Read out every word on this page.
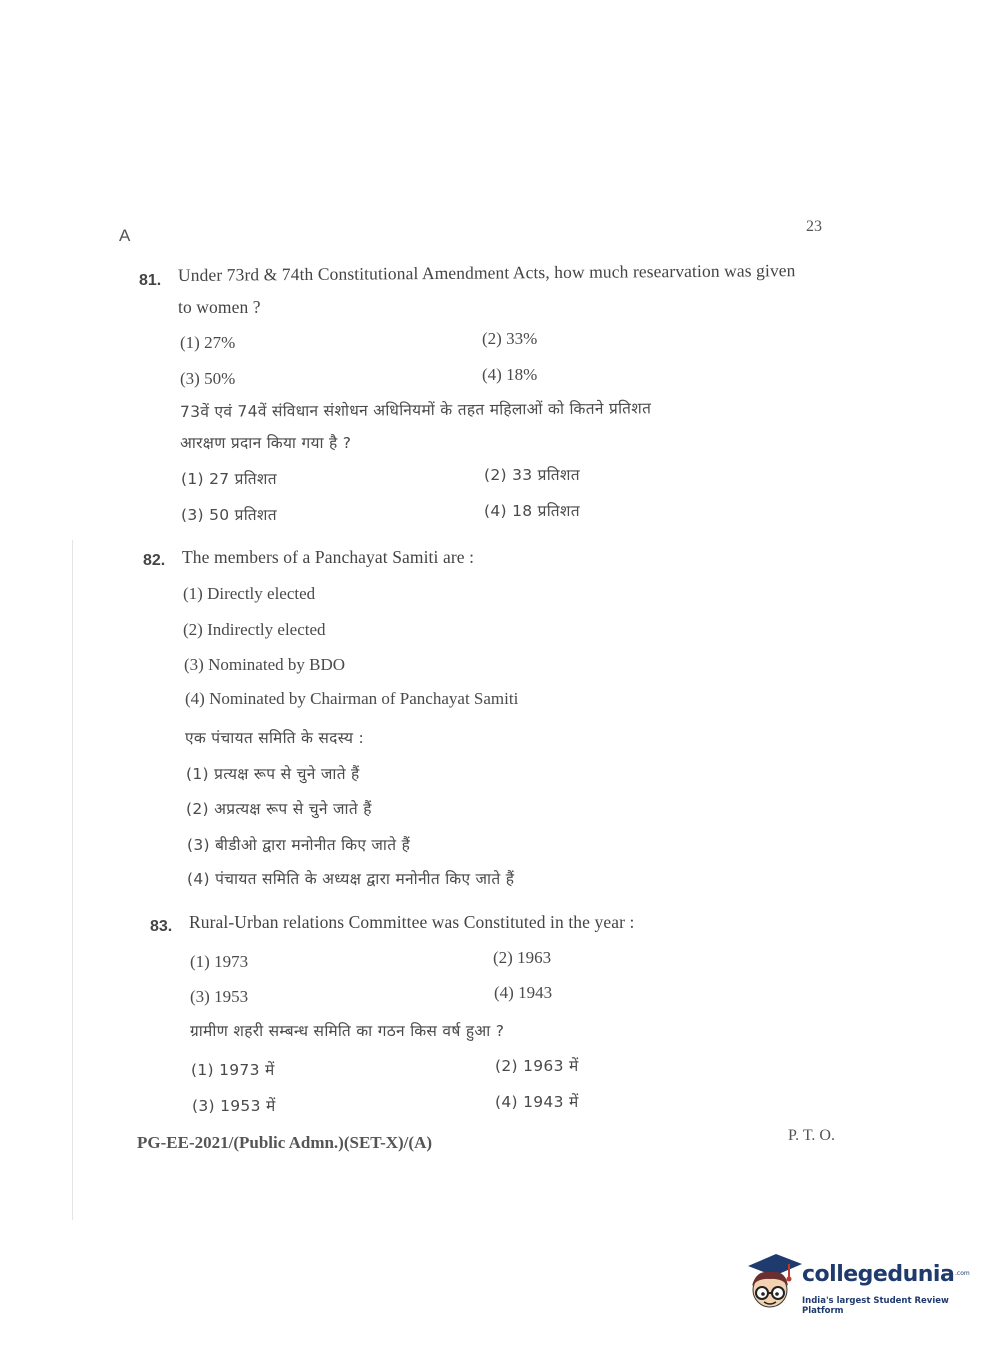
A	23
81. Under 73rd & 74th Constitutional Amendment Acts, how much researvation was given
to women ?
(1) 27%	(2) 33%
(3) 50%	(4) 18%
73वें एवं 74वें संविधान संशोधन अधिनियमों के तहत महिलाओं को कितने प्रतिशत
आरक्षण प्रदान किया गया है ?
(1) 27 प्रतिशत	(2) 33 प्रतिशत
(3) 50 प्रतिशत	(4) 18 प्रतिशत
82. The members of a Panchayat Samiti are :
(1) Directly elected
(2) Indirectly elected
(3) Nominated by BDO
(4) Nominated by Chairman of Panchayat Samiti
एक पंचायत समिति के सदस्य :
(1) प्रत्यक्ष रूप से चुने जाते हैं
(2) अप्रत्यक्ष रूप से चुने जाते हैं
(3) बीडीओ द्वारा मनोनीत किए जाते हैं
(4) पंचायत समिति के अध्यक्ष द्वारा मनोनीत किए जाते हैं
83. Rural-Urban relations Committee was Constituted in the year :
(1) 1973	(2) 1963
(3) 1953	(4) 1943
ग्रामीण शहरी सम्बन्ध समिति का गठन किस वर्ष हुआ ?
(1) 1973 में	(2) 1963 में
(3) 1953 में	(4) 1943 में
PG-EE-2021/(Public Admn.)(SET-X)/(A)	P. T. O.
collegedunia .com
India's largest Student Review Platform
